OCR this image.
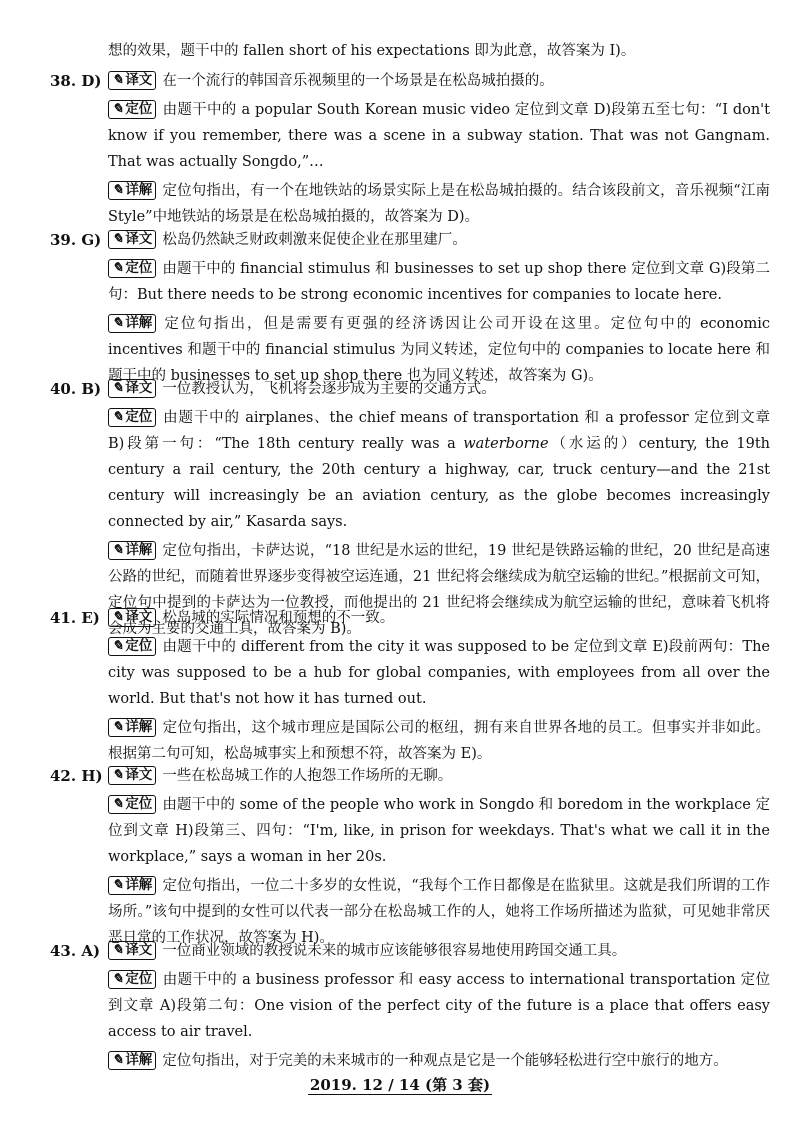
想的效果，题干中的 fallen short of his expectations 即为此意，故答案为 I)。
38. D) ✎ 译文 在一个流行的韩国音乐视频里的一个场景是在松岛城拍摄的。
✎ 定位 由题干中的 a popular South Korean music video 定位到文章 D)段第五至七句：“I don't know if you remember, there was a scene in a subway station. That was not Gangnam. That was actually Songdo,”…
✎ 详解 定位句指出，有一个在地铁站的场景实际上是在松岛城拍摄的。结合该段前文，音乐视频“江南 Style”中地铁站的场景是在松岛城拍摄的，故答案为 D)。
39. G) ✎ 译文 松岛仍然缺乏财政刺激来促使企业在那里建厂。
✎ 定位 由题干中的 financial stimulus 和 businesses to set up shop there 定位到文章 G)段第二句：But there needs to be strong economic incentives for companies to locate here.
✎ 详解 定位句指出，但是需要有更强的经济诱因让公司开设在这里。定位句中的 economic incentives 和题干中的 financial stimulus 为同义转述，定位句中的 companies to locate here 和题干中的 businesses to set up shop there 也为同义转述，故答案为 G)。
40. B) ✎ 译文 一位教授认为，飞机将会逐步成为主要的交通方式。
✎ 定位 由题干中的 airplanes、the chief means of transportation 和 a professor 定位到文章 B)段第一句：“The 18th century really was a waterborne（水运的）century, the 19th century a rail century, the 20th century a highway, car, truck century—and the 21st century will increasingly be an aviation century, as the globe becomes increasingly connected by air,” Kasarda says.
✎ 详解 定位句指出，卡萨达说，“18 世纪是水运的世纪，19 世纪是铁路运输的世纪，20 世纪是高速公路的世纪，而随着世界逐步变得被空运连通，21 世纪将会继续成为航空运输的世纪。”根据前文可知，定位句中提到的卡萨达为一位教授，而他提出的 21 世纪将会继续成为航空运输的世纪，意味着飞机将会成为主要的交通工具，故答案为 B)。
41. E) ✎ 译文 松岛城的实际情况和预想的不一致。
✎ 定位 由题干中的 different from the city it was supposed to be 定位到文章 E)段前两句：The city was supposed to be a hub for global companies, with employees from all over the world. But that's not how it has turned out.
✎ 详解 定位句指出，这个城市理应是国际公司的枢纽，拥有来自世界各地的员工。但事实并非如此。根据第二句可知，松岛城事实上和预想不符，故答案为 E)。
42. H) ✎ 译文 一些在松岛城工作的人抱怨工作场所的无聊。
✎ 定位 由题干中的 some of the people who work in Songdo 和 boredom in the workplace 定位到文章 H)段第三、四句：“I'm, like, in prison for weekdays. That's what we call it in the workplace,” says a woman in her 20s.
✎ 详解 定位句指出，一位二十多岁的女性说，“我每个工作日都像是在监狱里。这就是我们所谓的工作场所。”该句中提到的女性可以代表一部分在松岛城工作的人，她将工作场所描述为监狱，可见她非常厌恶日常的工作状况，故答案为 H)。
43. A) ✎ 译文 一位商业领域的教授说未来的城市应该能够很容易地使用跨国交通工具。
✎ 定位 由题干中的 a business professor 和 easy access to international transportation 定位到文章 A)段第二句：One vision of the perfect city of the future is a place that offers easy access to air travel.
✎ 详解 定位句指出，对于完美的未来城市的一种观点是它是一个能够轻松进行空中旅行的地方。
2019. 12 / 14 (第 3 套)
